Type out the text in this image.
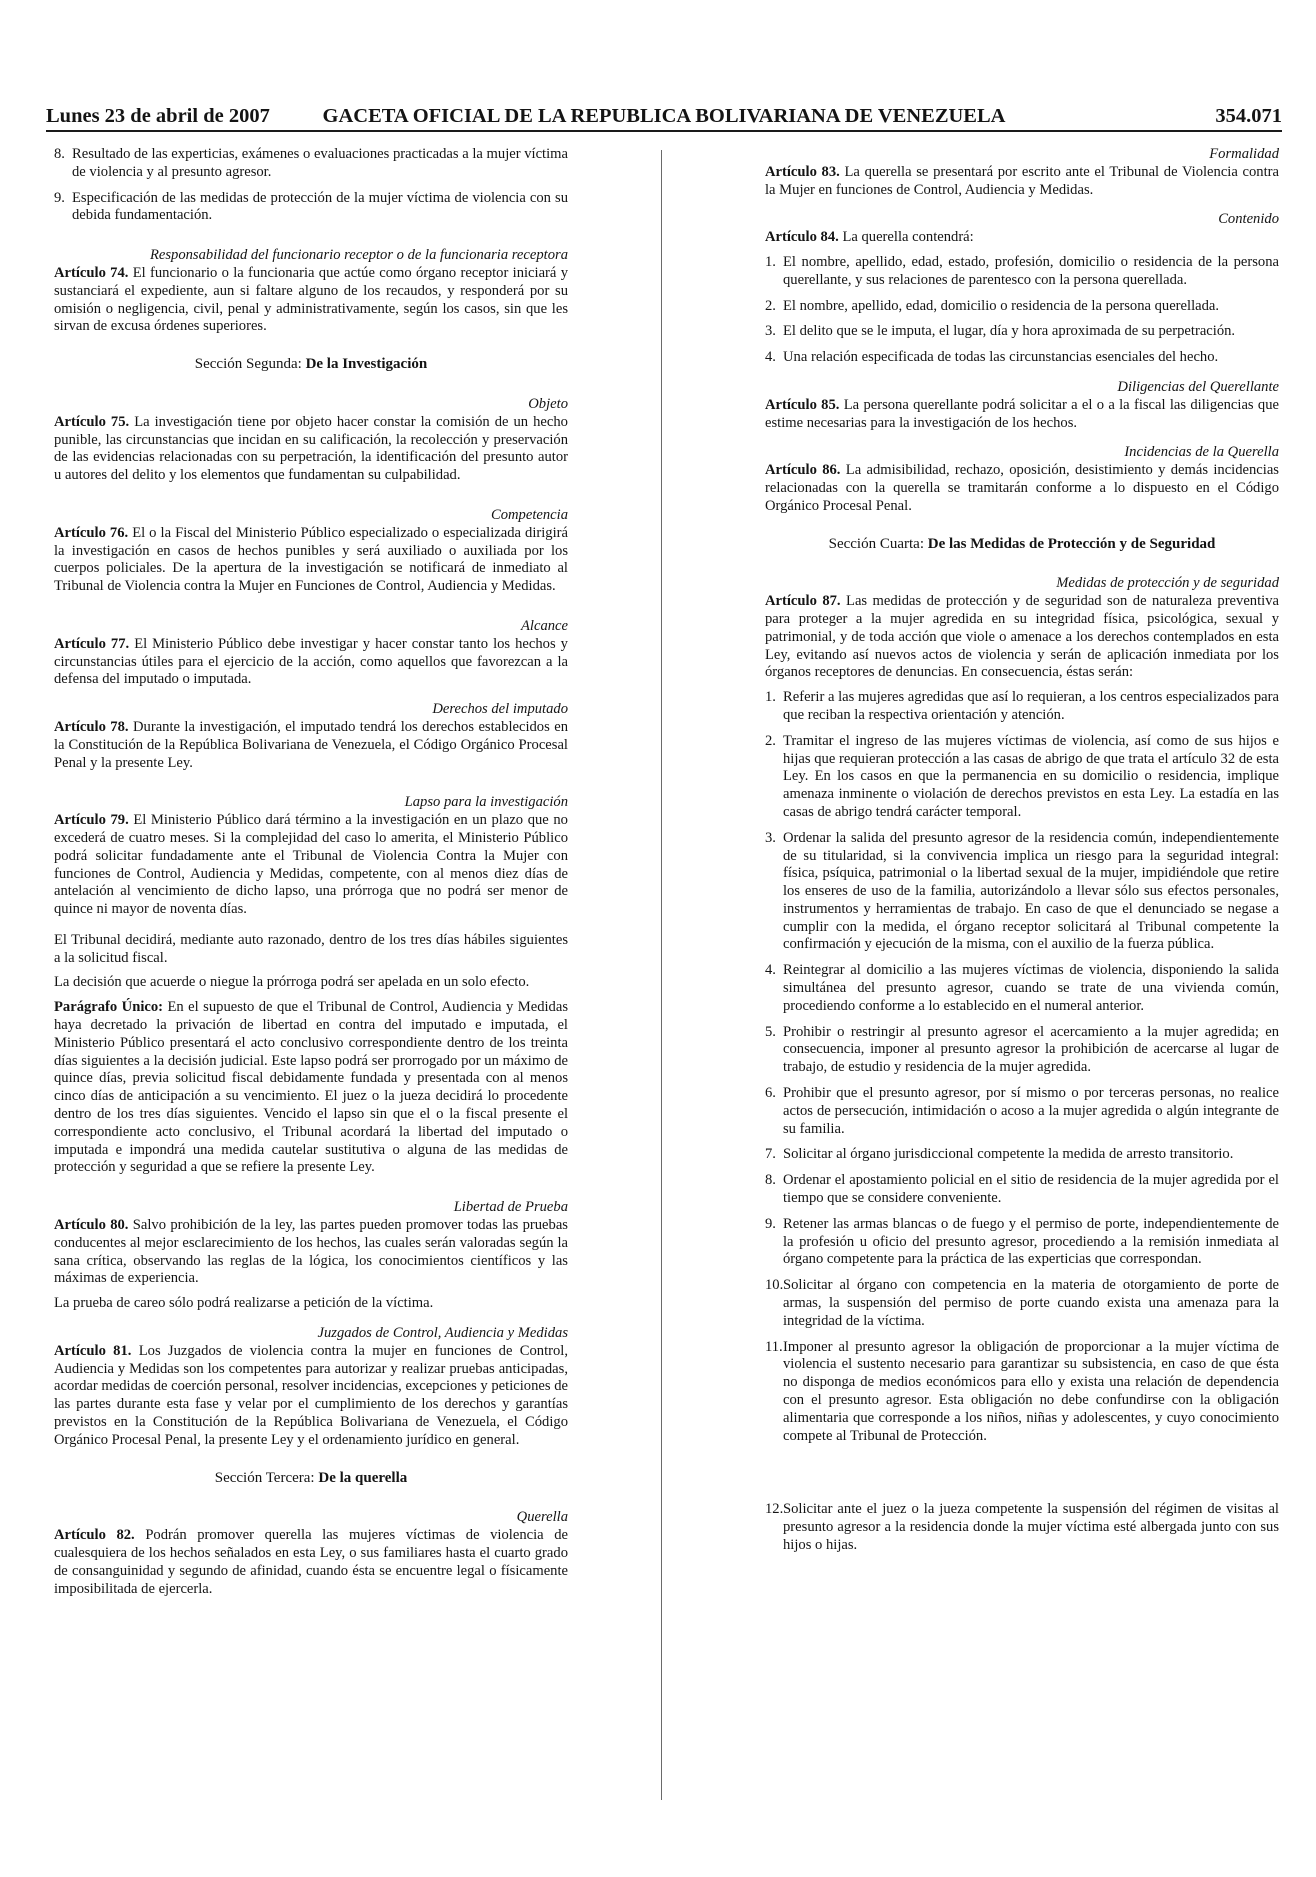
GACETA OFICIAL DE LA REPUBLICA BOLIVARIANA DE VENEZUELA
Lunes 23 de abril de 2007	354.071
8. Resultado de las experticias, exámenes o evaluaciones practicadas a la mujer víctima de violencia y al presunto agresor.
9. Especificación de las medidas de protección de la mujer víctima de violencia con su debida fundamentación.
Responsabilidad del funcionario receptor o de la funcionaria receptora
Artículo 74. El funcionario o la funcionaria que actúe como órgano receptor iniciará y sustanciará el expediente, aun si faltare alguno de los recaudos, y responderá por su omisión o negligencia, civil, penal y administrativamente, según los casos, sin que les sirvan de excusa órdenes superiores.
Sección Segunda: De la Investigación
Objeto
Artículo 75. La investigación tiene por objeto hacer constar la comisión de un hecho punible, las circunstancias que incidan en su calificación, la recolección y preservación de las evidencias relacionadas con su perpetración, la identificación del presunto autor u autores del delito y los elementos que fundamentan su culpabilidad.
Competencia
Artículo 76. El o la Fiscal del Ministerio Público especializado o especializada dirigirá la investigación en casos de hechos punibles y será auxiliado o auxiliada por los cuerpos policiales. De la apertura de la investigación se notificará de inmediato al Tribunal de Violencia contra la Mujer en Funciones de Control, Audiencia y Medidas.
Alcance
Artículo 77. El Ministerio Público debe investigar y hacer constar tanto los hechos y circunstancias útiles para el ejercicio de la acción, como aquellos que favorezcan a la defensa del imputado o imputada.
Derechos del imputado
Artículo 78. Durante la investigación, el imputado tendrá los derechos establecidos en la Constitución de la República Bolivariana de Venezuela, el Código Orgánico Procesal Penal y la presente Ley.
Lapso para la investigación
Artículo 79. El Ministerio Público dará término a la investigación en un plazo que no excederá de cuatro meses. Si la complejidad del caso lo amerita, el Ministerio Público podrá solicitar fundadamente ante el Tribunal de Violencia Contra la Mujer con funciones de Control, Audiencia y Medidas, competente, con al menos diez días de antelación al vencimiento de dicho lapso, una prórroga que no podrá ser menor de quince ni mayor de noventa días.
El Tribunal decidirá, mediante auto razonado, dentro de los tres días hábiles siguientes a la solicitud fiscal.
La decisión que acuerde o niegue la prórroga podrá ser apelada en un solo efecto.
Parágrafo Único: En el supuesto de que el Tribunal de Control, Audiencia y Medidas haya decretado la privación de libertad en contra del imputado e imputada, el Ministerio Público presentará el acto conclusivo correspondiente dentro de los treinta días siguientes a la decisión judicial. Este lapso podrá ser prorrogado por un máximo de quince días, previa solicitud fiscal debidamente fundada y presentada con al menos cinco días de anticipación a su vencimiento. El juez o la jueza decidirá lo procedente dentro de los tres días siguientes. Vencido el lapso sin que el o la fiscal presente el correspondiente acto conclusivo, el Tribunal acordará la libertad del imputado o imputada e impondrá una medida cautelar sustitutiva o alguna de las medidas de protección y seguridad a que se refiere la presente Ley.
Libertad de Prueba
Artículo 80. Salvo prohibición de la ley, las partes pueden promover todas las pruebas conducentes al mejor esclarecimiento de los hechos, las cuales serán valoradas según la sana crítica, observando las reglas de la lógica, los conocimientos científicos y las máximas de experiencia.
La prueba de careo sólo podrá realizarse a petición de la víctima.
Juzgados de Control, Audiencia y Medidas
Artículo 81. Los Juzgados de violencia contra la mujer en funciones de Control, Audiencia y Medidas son los competentes para autorizar y realizar pruebas anticipadas, acordar medidas de coerción personal, resolver incidencias, excepciones y peticiones de las partes durante esta fase y velar por el cumplimiento de los derechos y garantías previstos en la Constitución de la República Bolivariana de Venezuela, el Código Orgánico Procesal Penal, la presente Ley y el ordenamiento jurídico en general.
Sección Tercera: De la querella
Querella
Artículo 82. Podrán promover querella las mujeres víctimas de violencia de cualesquiera de los hechos señalados en esta Ley, o sus familiares hasta el cuarto grado de consanguinidad y segundo de afinidad, cuando ésta se encuentre legal o físicamente imposibilitada de ejercerla.
Formalidad
Artículo 83. La querella se presentará por escrito ante el Tribunal de Violencia contra la Mujer en funciones de Control, Audiencia y Medidas.
Contenido
Artículo 84. La querella contendrá:
1. El nombre, apellido, edad, estado, profesión, domicilio o residencia de la persona querellante, y sus relaciones de parentesco con la persona querellada.
2. El nombre, apellido, edad, domicilio o residencia de la persona querellada.
3. El delito que se le imputa, el lugar, día y hora aproximada de su perpetración.
4. Una relación especificada de todas las circunstancias esenciales del hecho.
Diligencias del Querellante
Artículo 85. La persona querellante podrá solicitar a el o a la fiscal las diligencias que estime necesarias para la investigación de los hechos.
Incidencias de la Querella
Artículo 86. La admisibilidad, rechazo, oposición, desistimiento y demás incidencias relacionadas con la querella se tramitarán conforme a lo dispuesto en el Código Orgánico Procesal Penal.
Sección Cuarta: De las Medidas de Protección y de Seguridad
Medidas de protección y de seguridad
Artículo 87. Las medidas de protección y de seguridad son de naturaleza preventiva para proteger a la mujer agredida en su integridad física, psicológica, sexual y patrimonial, y de toda acción que viole o amenace a los derechos contemplados en esta Ley, evitando así nuevos actos de violencia y serán de aplicación inmediata por los órganos receptores de denuncias. En consecuencia, éstas serán:
1. Referir a las mujeres agredidas que así lo requieran, a los centros especializados para que reciban la respectiva orientación y atención.
2. Tramitar el ingreso de las mujeres víctimas de violencia, así como de sus hijos e hijas que requieran protección a las casas de abrigo de que trata el artículo 32 de esta Ley. En los casos en que la permanencia en su domicilio o residencia, implique amenaza inminente o violación de derechos previstos en esta Ley. La estadía en las casas de abrigo tendrá carácter temporal.
3. Ordenar la salida del presunto agresor de la residencia común, independientemente de su titularidad, si la convivencia implica un riesgo para la seguridad integral: física, psíquica, patrimonial o la libertad sexual de la mujer, impidiéndole que retire los enseres de uso de la familia, autorizándolo a llevar sólo sus efectos personales, instrumentos y herramientas de trabajo. En caso de que el denunciado se negase a cumplir con la medida, el órgano receptor solicitará al Tribunal competente la confirmación y ejecución de la misma, con el auxilio de la fuerza pública.
4. Reintegrar al domicilio a las mujeres víctimas de violencia, disponiendo la salida simultánea del presunto agresor, cuando se trate de una vivienda común, procediendo conforme a lo establecido en el numeral anterior.
5. Prohibir o restringir al presunto agresor el acercamiento a la mujer agredida; en consecuencia, imponer al presunto agresor la prohibición de acercarse al lugar de trabajo, de estudio y residencia de la mujer agredida.
6. Prohibir que el presunto agresor, por sí mismo o por terceras personas, no realice actos de persecución, intimidación o acoso a la mujer agredida o algún integrante de su familia.
7. Solicitar al órgano jurisdiccional competente la medida de arresto transitorio.
8. Ordenar el apostamiento policial en el sitio de residencia de la mujer agredida por el tiempo que se considere conveniente.
9. Retener las armas blancas o de fuego y el permiso de porte, independientemente de la profesión u oficio del presunto agresor, procediendo a la remisión inmediata al órgano competente para la práctica de las experticias que correspondan.
10. Solicitar al órgano con competencia en la materia de otorgamiento de porte de armas, la suspensión del permiso de porte cuando exista una amenaza para la integridad de la víctima.
11. Imponer al presunto agresor la obligación de proporcionar a la mujer víctima de violencia el sustento necesario para garantizar su subsistencia, en caso de que ésta no disponga de medios económicos para ello y exista una relación de dependencia con el presunto agresor. Esta obligación no debe confundirse con la obligación alimentaria que corresponde a los niños, niñas y adolescentes, y cuyo conocimiento compete al Tribunal de Protección.
12. Solicitar ante el juez o la jueza competente la suspensión del régimen de visitas al presunto agresor a la residencia donde la mujer víctima esté albergada junto con sus hijos o hijas.
